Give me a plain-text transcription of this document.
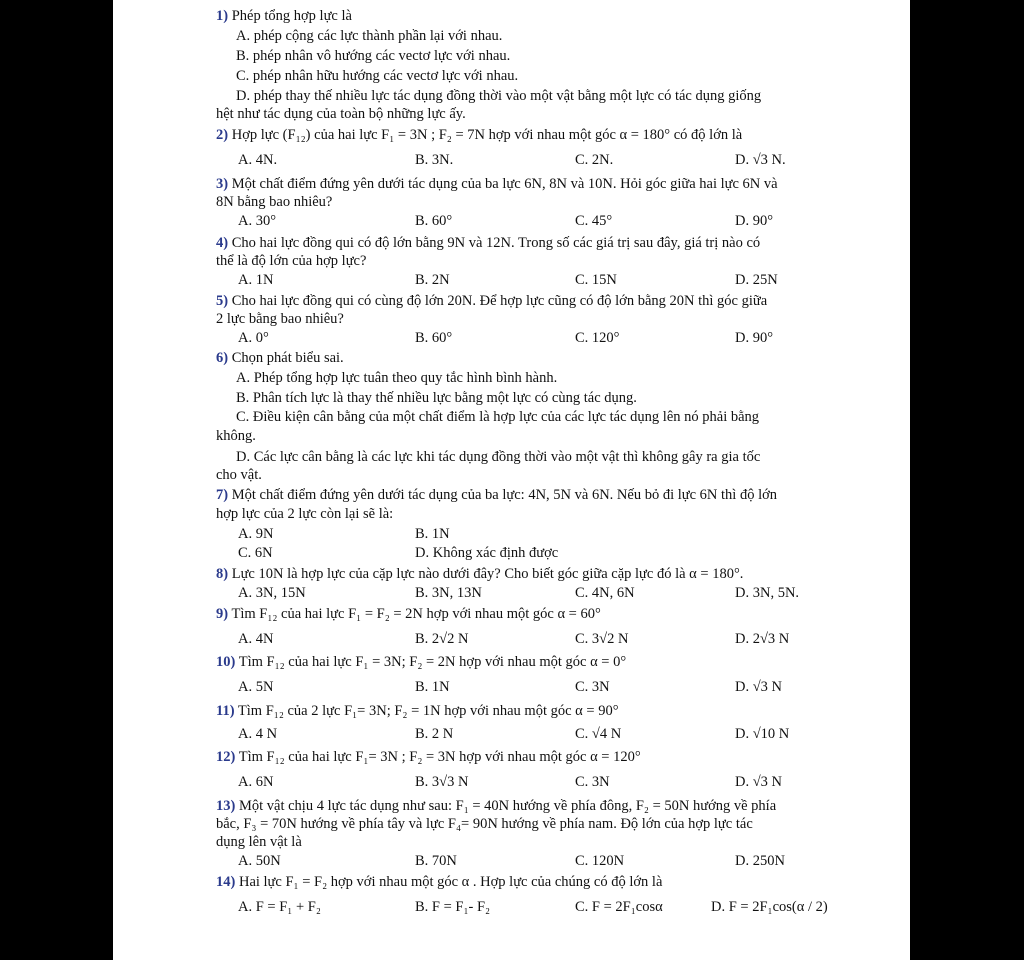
1) Phép tổng hợp lực là
A. phép cộng các lực thành phần lại với nhau.
B. phép nhân vô hướng các vectơ lực với nhau.
C. phép nhân hữu hướng các vectơ lực với nhau.
D. phép thay thế nhiều lực tác dụng đồng thời vào một vật bằng một lực có tác dụng giống
hệt như tác dụng của toàn bộ những lực ấy.
2) Hợp lực (F₁₂) của hai lực F₁ = 3N ; F₂ = 7N hợp với nhau một góc α = 180° có độ lớn là
A. 4N.	B. 3N.	C. 2N.	D. √3 N.
3) Một chất điểm đứng yên dưới tác dụng của ba lực 6N, 8N và 10N. Hỏi góc giữa hai lực 6N và
8N bằng bao nhiêu?
A. 30°	B. 60°	C. 45°	D. 90°
4) Cho hai lực đồng qui có độ lớn bằng 9N và 12N. Trong số các giá trị sau đây, giá trị nào có
thể là độ lớn của hợp lực?
A. 1N	B. 2N	C. 15N	D. 25N
5) Cho hai lực đồng qui có cùng độ lớn 20N. Để hợp lực cũng có độ lớn bằng 20N thì góc giữa
2 lực bằng bao nhiêu?
A. 0°	B. 60°	C. 120°	D. 90°
6) Chọn phát biểu sai.
A. Phép tổng hợp lực tuân theo quy tắc hình bình hành.
B. Phân tích lực là thay thế nhiều lực bằng một lực có cùng tác dụng.
C. Điều kiện cân bằng của một chất điểm là hợp lực của các lực tác dụng lên nó phải bằng
không.
D. Các lực cân bằng là các lực khi tác dụng đồng thời vào một vật thì không gây ra gia tốc
cho vật.
7) Một chất điểm đứng yên dưới tác dụng của ba lực: 4N, 5N và 6N. Nếu bỏ đi lực 6N thì độ lớn
hợp lực của 2 lực còn lại sẽ là:
A. 9N	B. 1N
C. 6N	D. Không xác định được
8) Lực 10N là hợp lực của cặp lực nào dưới đây? Cho biết góc giữa cặp lực đó là α = 180°.
A. 3N, 15N	B. 3N, 13N	C. 4N, 6N	D. 3N, 5N.
9) Tìm F₁₂ của hai lực F₁ = F₂ = 2N hợp với nhau một góc α = 60°
A. 4N	B. 2√2 N	C. 3√2 N	D. 2√3 N
10) Tìm F₁₂ của hai lực F₁ = 3N; F₂ = 2N hợp với nhau một góc α = 0°
A. 5N	B. 1N	C. 3N	D. √3 N
11) Tìm F₁₂ của 2 lực F₁= 3N; F₂ = 1N hợp với nhau một góc α = 90°
A. 4 N	B. 2 N	C. √4 N	D. √10 N
12) Tìm F₁₂ của hai lực F₁= 3N ; F₂ = 3N hợp với nhau một góc α = 120°
A. 6N	B. 3√3 N	C. 3N	D. √3 N
13) Một vật chịu 4 lực tác dụng như sau: F₁ = 40N hướng về phía đông, F₂ = 50N hướng về phía
bắc, F₃ = 70N hướng về phía tây và lực F₄= 90N hướng về phía nam. Độ lớn của hợp lực tác
dụng lên vật là
A. 50N	B. 70N	C. 120N	D. 250N
14) Hai lực F₁ = F₂ hợp với nhau một góc α . Hợp lực của chúng có độ lớn là
A. F = F₁ + F₂	B. F = F₁- F₂	C. F = 2F₁cosα	D. F = 2F₁cos(α / 2)
